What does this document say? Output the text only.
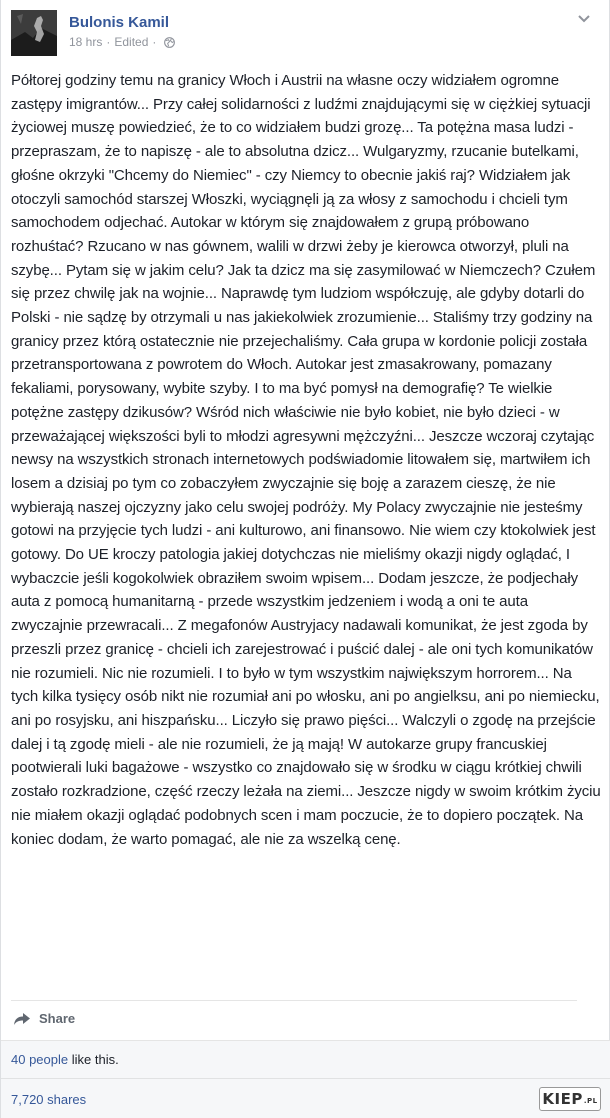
Bulonis Kamil
18 hrs · Edited ·
Półtorej godziny temu na granicy Włoch i Austrii na własne oczy widziałem ogromne zastępy imigrantów... Przy całej solidarności z ludźmi znajdującymi się w ciężkiej sytuacji życiowej muszę powiedzieć, że to co widziałem budzi grozę... Ta potężna masa ludzi - przepraszam, że to napiszę - ale to absolutna dzicz... Wulgaryzmy, rzucanie butelkami, głośne okrzyki "Chcemy do Niemiec" - czy Niemcy to obecnie jakiś raj? Widziałem jak otoczyli samochód starszej Włoszki, wyciągnęli ją za włosy z samochodu i chcieli tym samochodem odjechać. Autokar w którym się znajdowałem z grupą próbowano rozhuśtać? Rzucano w nas gównem, walili w drzwi żeby je kierowca otworzył, pluli na szybę... Pytam się w jakim celu? Jak ta dzicz ma się zasymilować w Niemczech? Czułem się przez chwilę jak na wojnie... Naprawdę tym ludziom współczuję, ale gdyby dotarli do Polski - nie sądzę by otrzymali u nas jakiekolwiek zrozumienie... Staliśmy trzy godziny na granicy przez którą ostatecznie nie przejechaliśmy. Cała grupa w kordonie policji została przetransportowana z powrotem do Włoch. Autokar jest zmasakrowany, pomazany fekaliami, porysowany, wybite szyby. I to ma być pomysł na demografię? Te wielkie potężne zastępy dzikusów? Wśród nich właściwie nie było kobiet, nie było dzieci - w przeważającej większości byli to młodzi agresywni mężczyźni... Jeszcze wczoraj czytając newsy na wszystkich stronach internetowych podświadomie litowałem się, martwiłem ich losem a dzisiaj po tym co zobaczyłem zwyczajnie się boję a zarazem cieszę, że nie wybierają naszej ojczyzny jako celu swojej podróży. My Polacy zwyczajnie nie jesteśmy gotowi na przyjęcie tych ludzi - ani kulturowo, ani finansowo. Nie wiem czy ktokolwiek jest gotowy. Do UE kroczy patologia jakiej dotychczas nie mieliśmy okazji nigdy oglądać, I wybaczcie jeśli kogokolwiek obraziłem swoim wpisem... Dodam jeszcze, że podjechały auta z pomocą humanitarną - przede wszystkim jedzeniem i wodą a oni te auta zwyczajnie przewracali... Z megafonów Austryjacy nadawali komunikat, że jest zgoda by przeszli przez granicę - chcieli ich zarejestrować i puścić dalej - ale oni tych komunikatów nie rozumieli. Nic nie rozumieli. I to było w tym wszystkim największym horrorem... Na tych kilka tysięcy osób nikt nie rozumiał ani po włosku, ani po angielksu, ani po niemiecku, ani po rosyjsku, ani hiszpańsku... Liczyło się prawo pięści... Walczyli o zgodę na przejście dalej i tą zgodę mieli - ale nie rozumieli, że ją mają! W autokarze grupy francuskiej pootwierali luki bagażowe - wszystko co znajdowało się w środku w ciągu krótkiej chwili zostało rozkradzione, część rzeczy leżała na ziemi... Jeszcze nigdy w swoim krótkim życiu nie miałem okazji oglądać podobnych scen i mam poczucie, że to dopiero początek. Na koniec dodam, że warto pomagać, ale nie za wszelką cenę.
Share
40 people like this.
7,720 shares	KIEP .PL
